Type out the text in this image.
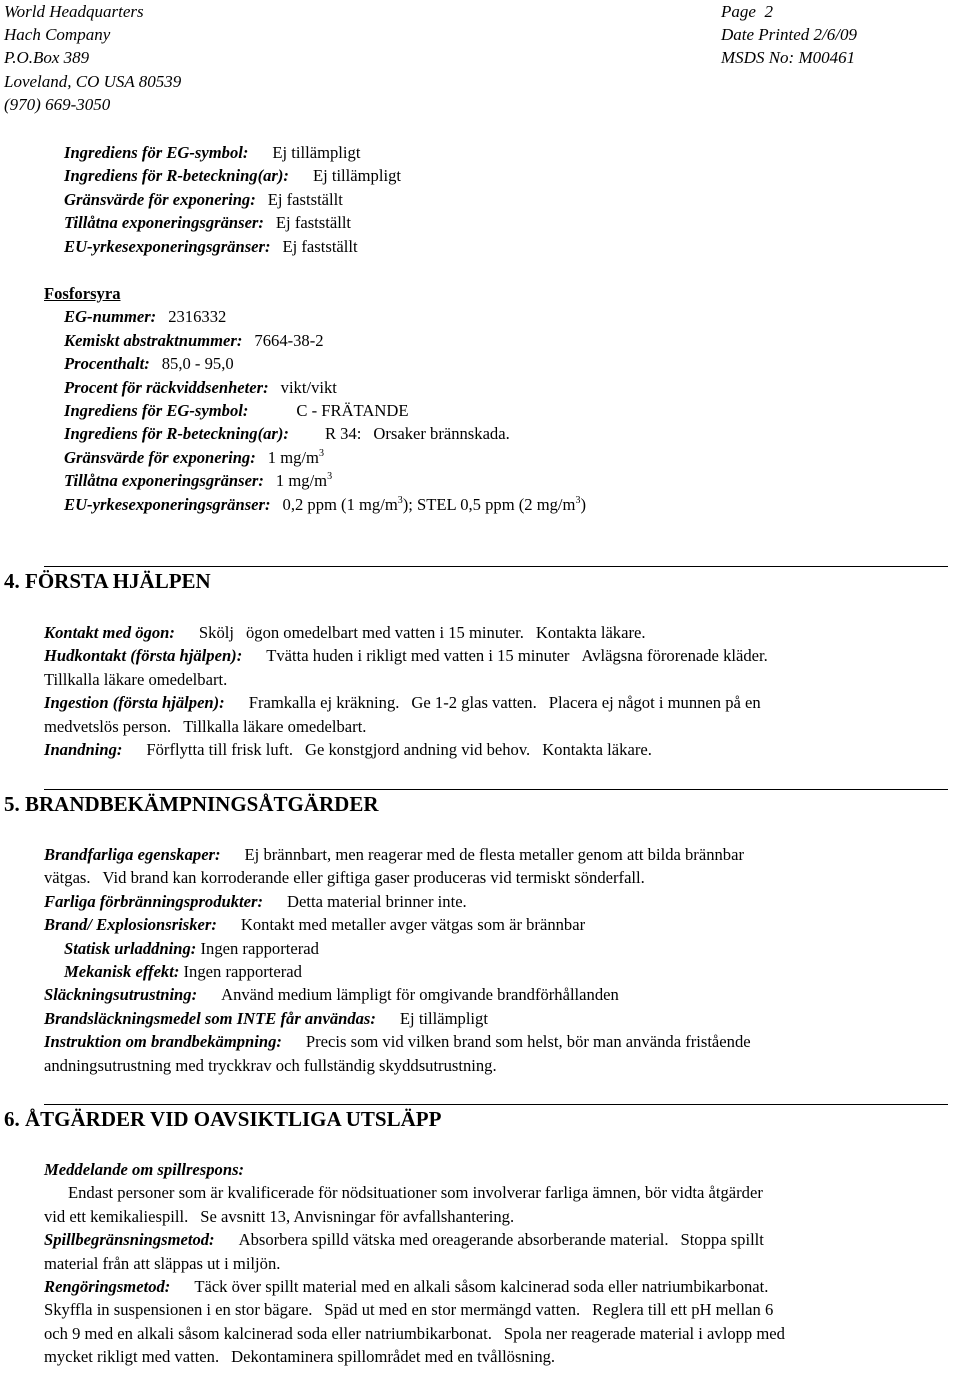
World Headquarters
Hach Company
P.O.Box 389
Loveland, CO USA 80539
(970) 669-3050
Page 2
Date Printed 2/6/09
MSDS No: M00461
Ingrediens för EG-symbol: Ej tillämpligt
Ingrediens för R-beteckning(ar): Ej tillämpligt
Gränsvärde för exponering: Ej fastställt
Tillåtna exponeringsgränser: Ej fastställt
EU-yrkesexponeringsgränser: Ej fastställt
Fosforsyra
EG-nummer: 2316332
Kemiskt abstraktnummer: 7664-38-2
Procenthalt: 85,0 - 95,0
Procent för räckviddsenheter: vikt/vikt
Ingrediens för EG-symbol:	C - FRÄTANDE
Ingrediens för R-beteckning(ar): R 34: Orsaker brännskada.
Gränsvärde för exponering: 1 $mg/m^3$
Tillåtna exponeringsgränser: 1 $mg/m^3$
EU-yrkesexponeringsgränser: 0,2 ppm (1 $mg/m^3$); STEL 0,5 ppm (2 $mg/m^3$)
4. FÖRSTA HJÄLPEN
Kontakt med ögon: Skölj ögon omedelbart med vatten i 15 minuter. Kontakta läkare.
Hudkontakt (första hjälpen): Tvätta huden i rikligt med vatten i 15 minuter Avlägsna förorenade kläder.
Tillkalla läkare omedelbart.
Ingestion (första hjälpen): Framkalla ej kräkning. Ge 1-2 glas vatten. Placera ej något i munnen på en
medvetslös person. Tillkalla läkare omedelbart.
Inandning: Förflytta till frisk luft. Ge konstgjord andning vid behov. Kontakta läkare.
5. BRANDBEKÄMPNINGSÅTGÄRDER
Brandfarliga egenskaper: Ej brännbart, men reagerar med de flesta metaller genom att bilda brännbar
vätgas. Vid brand kan korroderande eller giftiga gaser produceras vid termiskt sönderfall.
Farliga förbränningsprodukter: Detta material brinner inte.
Brand/ Explosionsrisker: Kontakt med metaller avger vätgas som är brännbar
Statisk urladdning: Ingen rapporterad
Mekanisk effekt: Ingen rapporterad
Släckningsutrustning: Använd medium lämpligt för omgivande brandförhållanden
Brandsläckningsmedel som INTE får användas: Ej tillämpligt
Instruktion om brandbekämpning: Precis som vid vilken brand som helst, bör man använda fristående
andningsutrustning med tryckkrav och fullständig skyddsutrustning.
6. ÅTGÄRDER VID OAVSIKTLIGA UTSLÄPP
Meddelande om spillrespons:
Endast personer som är kvalificerade för nödsituationer som involverar farliga ämnen, bör vidta åtgärder
vid ett kemikaliespill. Se avsnitt 13, Anvisningar för avfallshantering.
Spillbegränsningsmetod: Absorbera spilld vätska med oreagerande absorberande material. Stoppa spillt
material från att släppas ut i miljön.
Rengöringsmetod: Täck över spillt material med en alkali såsom kalcinerad soda eller natriumbikarbonat.
Skyffla in suspensionen i en stor bägare. Späd ut med en stor mermängd vatten. Reglera till ett pH mellan 6
och 9 med en alkali såsom kalcinerad soda eller natriumbikarbonat. Spola ner reagerade material i avlopp med
mycket rikligt med vatten. Dekontaminera spillområdet med en tvållösning.
